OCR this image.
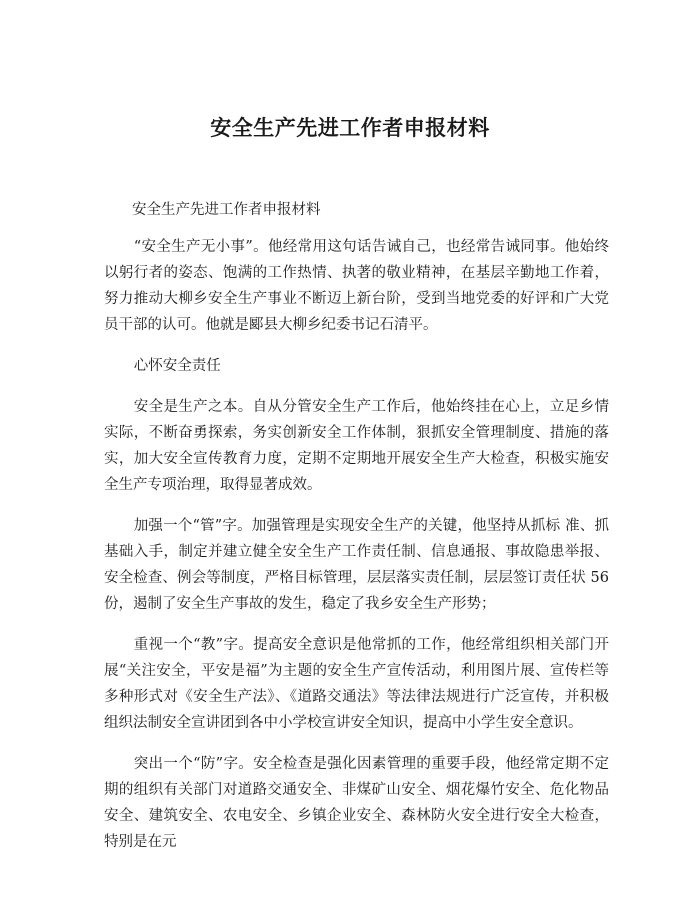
安全生产先进工作者申报材料

安全生产先进工作者申报材料

“安全生产无小事”。他经常用这句话告诫自己，也经常告诫同事。他始终以躬行者的姿态、饱满的工作热情、执著的敬业精神，在基层辛勤地工作着，努力推动大柳乡安全生产事业不断迈上新台阶，受到当地党委的好评和广大党员干部的认可。他就是郾县大柳乡纪委书记石清平。

心怀安全责任

安全是生产之本。自从分管安全生产工作后，他始终挂在心上，立足乡情实际，不断奋勇探索，务实创新安全工作体制，狠抓安全管理制度、措施的落实，加大安全宣传教育力度，定期不定期地开展安全生产大检查，积极实施安全生产专项治理，取得显著成效。

加强一个“管”字。加强管理是实现安全生产的关键，他坚持从抓标 准、抓基础入手，制定并建立健全安全生产工作责任制、信息通报、事故隐患举报、安全检查、例会等制度，严格目标管理，层层落实责任制，层层签订责任状 56 份，遏制了安全生产事故的发生，稳定了我乡安全生产形势；

重视一个“教”字。提高安全意识是他常抓的工作，他经常组织相关部门开展“关注安全，平安是福”为主题的安全生产宣传活动，利用图片展、宣传栏等多种形式对《安全生产法》、《道路交通法》等法律法规进行广泛宣传，并积极组织法制安全宣讲团到各中小学校宣讲安全知识，提高中小学生安全意识。

突出一个“防”字。安全检查是强化因素管理的重要手段，他经常定期不定期的组织有关部门对道路交通安全、非煤矿山安全、烟花爆竹安全、危化物品安全、建筑安全、农电安全、乡镇企业安全、森林防火安全进行安全大检查，特别是在元
